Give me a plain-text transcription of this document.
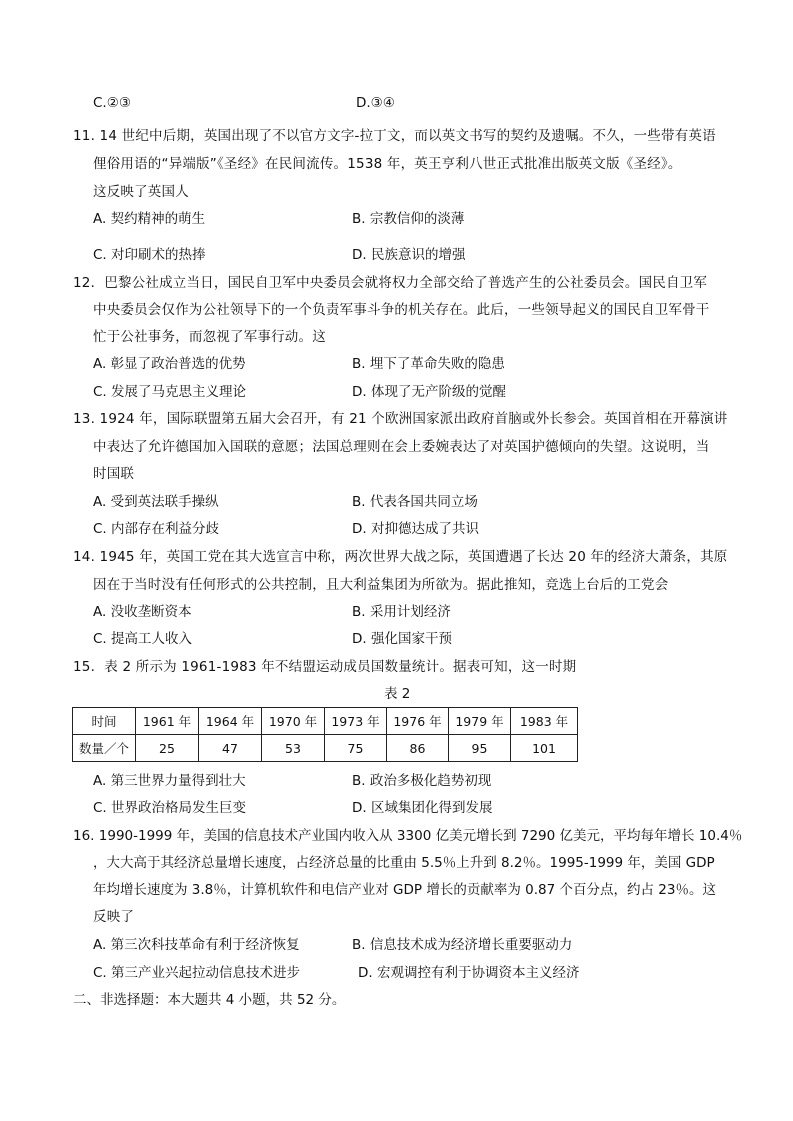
C.②③	D.③④
11. 14 世纪中后期，英国出现了不以官方文字-拉丁文，而以英文书写的契约及遗嘱。不久，一些带有英语
俚俗用语的“异端版”《圣经》在民间流传。1538 年，英王亨利八世正式批准出版英文版《圣经》。
这反映了英国人
A. 契约精神的萌生	B. 宗教信仰的淡薄
C. 对印刷术的热捧	D. 民族意识的增强
12．巴黎公社成立当日，国民自卫军中央委员会就将权力全部交给了普选产生的公社委员会。国民自卫军
中央委员会仅作为公社领导下的一个负责军事斗争的机关存在。此后，一些领导起义的国民自卫军骨干
忙于公社事务，而忽视了军事行动。这
A. 彰显了政治普选的优势	B. 埋下了革命失败的隐患
C. 发展了马克思主义理论	D. 体现了无产阶级的觉醒
13. 1924 年，国际联盟第五届大会召开，有 21 个欧洲国家派出政府首脑或外长参会。英国首相在开幕演讲
中表达了允许德国加入国联的意愿；法国总理则在会上委婉表达了对英国护德倾向的失望。这说明，当
时国联
A. 受到英法联手操纵	B. 代表各国共同立场
C. 内部存在利益分歧	D. 对抑德达成了共识
14. 1945 年，英国工党在其大选宣言中称，两次世界大战之际，英国遭遇了长达 20 年的经济大萧条，其原
因在于当时没有任何形式的公共控制，且大利益集团为所欲为。据此推知，竞选上台后的工党会
A. 没收垄断资本	B. 采用计划经济
C. 提高工人收入	D. 强化国家干预
15．表 2 所示为 1961-1983 年不结盟运动成员国数量统计。据表可知，这一时期
表 2
时间	1961 年	1964 年	1970 年	1973 年	1976 年	1979 年	1983 年
数量／个	25	47	53	75	86	95	101
A. 第三世界力量得到壮大	B. 政治多极化趋势初现
C. 世界政治格局发生巨变	D. 区域集团化得到发展
16. 1990-1999 年，美国的信息技术产业国内收入从 3300 亿美元增长到 7290 亿美元，平均每年增长 10.4％
，大大高于其经济总量增长速度，占经济总量的比重由 5.5％上升到 8.2％。1995-1999 年，美国 GDP
年均增长速度为 3.8％，计算机软件和电信产业对 GDP 增长的贡献率为 0.87 个百分点，约占 23％。这
反映了
A. 第三次科技革命有利于经济恢复	B. 信息技术成为经济增长重要驱动力
C. 第三产业兴起拉动信息技术进步	D. 宏观调控有利于协调资本主义经济
二、非选择题：本大题共 4 小题，共 52 分。
